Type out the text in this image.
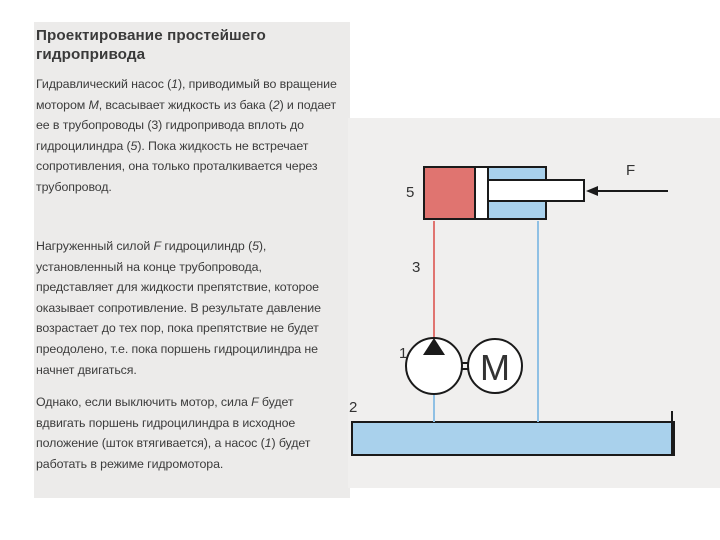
Проектирование простейшего гидропривода
Гидравлический насос (1), приводимый во вращение мотором M, всасывает жидкость из бака (2) и подает ее в трубопроводы (3) гидропривода вплоть до гидроцилиндра (5). Пока жидкость не встречает сопротивления, она только проталкивается через трубопровод.
Нагруженный силой F гидроцилиндр (5), установленный на конце трубопровода, представляет для жидкости препятствие, которое оказывает сопротивление. В результате давление возрастает до тех пор, пока препятствие не будет преодолено, т.е. пока поршень гидроцилиндра не начнет двигаться.
Однако, если выключить мотор, сила F будет вдвигать поршень гидроцилиндра в исходное положение (шток втягивается), а насос (1) будет работать в режиме гидромотора.
F
5
3
1
2
M
